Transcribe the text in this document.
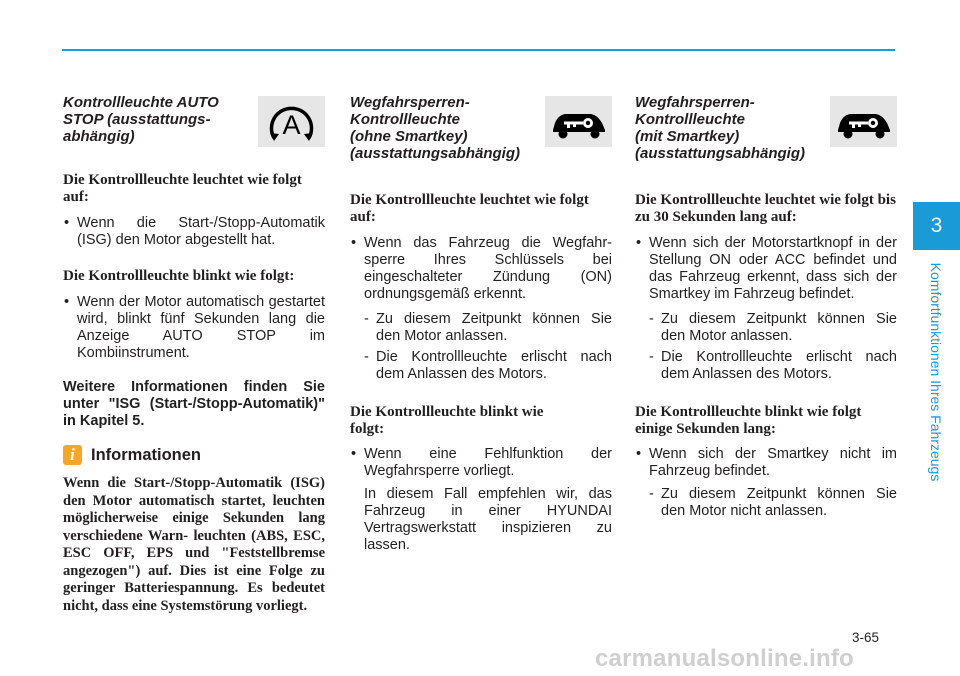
Kontrollleuchte AUTO
STOP (ausstattungs-
abhängig)	A

Die Kontrollleuchte leuchtet wie folgt auf:

• Wenn die Start-/Stopp-Automatik (ISG) den Motor abgestellt hat.

Die Kontrollleuchte blinkt wie folgt:

• Wenn der Motor automatisch gestartet wird, blinkt fünf Sekunden lang die Anzeige AUTO STOP im Kombiinstrument.

Weitere Informationen finden Sie unter "ISG (Start-/Stopp-Automatik)" in Kapitel 5.

i Informationen

Wenn die Start-/Stopp-Automatik (ISG) den Motor automatisch startet, leuchten möglicherweise einige Sekunden lang verschiedene Warn- leuchten (ABS, ESC, ESC OFF, EPS und "Feststellbremse angezogen") auf. Dies ist eine Folge zu geringer Batteriespannung. Es bedeutet nicht, dass eine Systemstörung vorliegt.

Wegfahrsperren-
Kontrollleuchte
(ohne Smartkey)
(ausstattungsabhängig)

Die Kontrollleuchte leuchtet wie folgt auf:

• Wenn das Fahrzeug die Wegfahr- sperre Ihres Schlüssels bei eingeschalteter Zündung (ON) ordnungsgemäß erkennt.

- Zu diesem Zeitpunkt können Sie den Motor anlassen.

- Die Kontrollleuchte erlischt nach dem Anlassen des Motors.

Die Kontrollleuchte blinkt wie folgt:

• Wenn eine Fehlfunktion der Wegfahrsperre vorliegt.

In diesem Fall empfehlen wir, das Fahrzeug in einer HYUNDAI Vertragswerkstatt inspizieren zu lassen.

Wegfahrsperren-
Kontrollleuchte
(mit Smartkey)
(ausstattungsabhängig)

Die Kontrollleuchte leuchtet wie folgt bis zu 30 Sekunden lang auf:

• Wenn sich der Motorstartknopf in der Stellung ON oder ACC befindet und das Fahrzeug erkennt, dass sich der Smartkey im Fahrzeug befindet.

- Zu diesem Zeitpunkt können Sie den Motor anlassen.

- Die Kontrollleuchte erlischt nach dem Anlassen des Motors.

Die Kontrollleuchte blinkt wie folgt einige Sekunden lang:

• Wenn sich der Smartkey nicht im Fahrzeug befindet.

- Zu diesem Zeitpunkt können Sie den Motor nicht anlassen.

3
Komfortfunktionen Ihres Fahrzeugs
3-65
carmanualsonline.info
